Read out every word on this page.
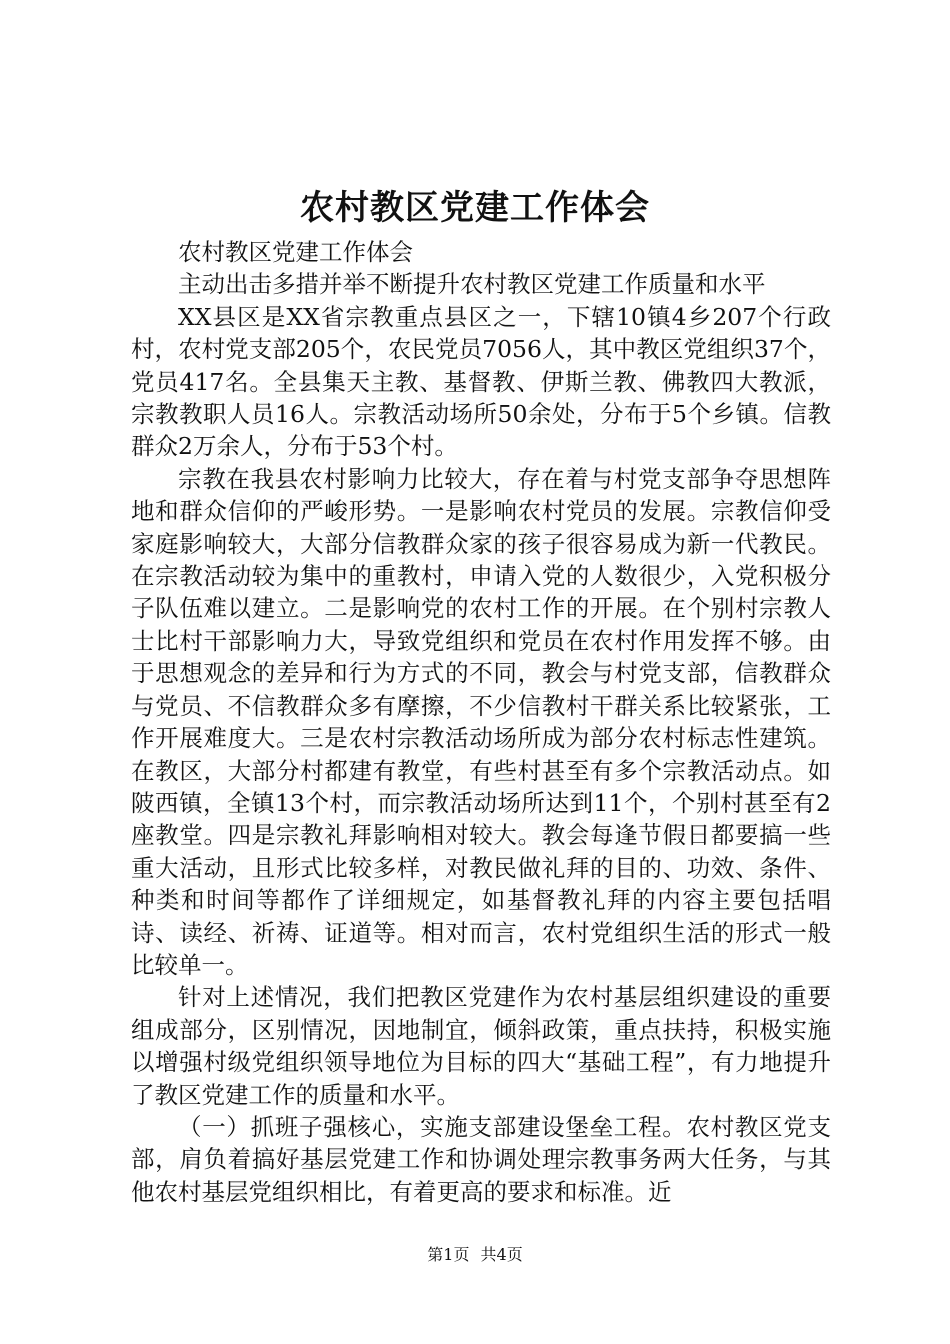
农村教区党建工作体会

农村教区党建工作体会

主动出击多措并举不断提升农村教区党建工作质量和水平

XX县区是XX省宗教重点县区之一，下辖10镇4乡207个行政村，农村党支部205个，农民党员7056人，其中教区党组织37个，党员417名。全县集天主教、基督教、伊斯兰教、佛教四大教派，宗教教职人员16人。宗教活动场所50余处，分布于5个乡镇。信教群众2万余人，分布于53个村。

宗教在我县农村影响力比较大，存在着与村党支部争夺思想阵地和群众信仰的严峻形势。一是影响农村党员的发展。宗教信仰受家庭影响较大，大部分信教群众家的孩子很容易成为新一代教民。在宗教活动较为集中的重教村，申请入党的人数很少，入党积极分子队伍难以建立。二是影响党的农村工作的开展。在个别村宗教人士比村干部影响力大，导致党组织和党员在农村作用发挥不够。由于思想观念的差异和行为方式的不同，教会与村党支部，信教群众与党员、不信教群众多有摩擦，不少信教村干群关系比较紧张，工作开展难度大。三是农村宗教活动场所成为部分农村标志性建筑。在教区，大部分村都建有教堂，有些村甚至有多个宗教活动点。如陂西镇，全镇13个村，而宗教活动场所达到11个，个别村甚至有2座教堂。四是宗教礼拜影响相对较大。教会每逢节假日都要搞一些重大活动，且形式比较多样，对教民做礼拜的目的、功效、条件、种类和时间等都作了详细规定，如基督教礼拜的内容主要包括唱诗、读经、祈祷、证道等。相对而言，农村党组织生活的形式一般比较单一。

针对上述情况，我们把教区党建作为农村基层组织建设的重要组成部分，区别情况，因地制宜，倾斜政策，重点扶持，积极实施以增强村级党组织领导地位为目标的四大“基础工程”，有力地提升了教区党建工作的质量和水平。

（一）抓班子强核心，实施支部建设堡垒工程。农村教区党支部，肩负着搞好基层党建工作和协调处理宗教事务两大任务，与其他农村基层党组织相比，有着更高的要求和标准。近

第1页 共4页
